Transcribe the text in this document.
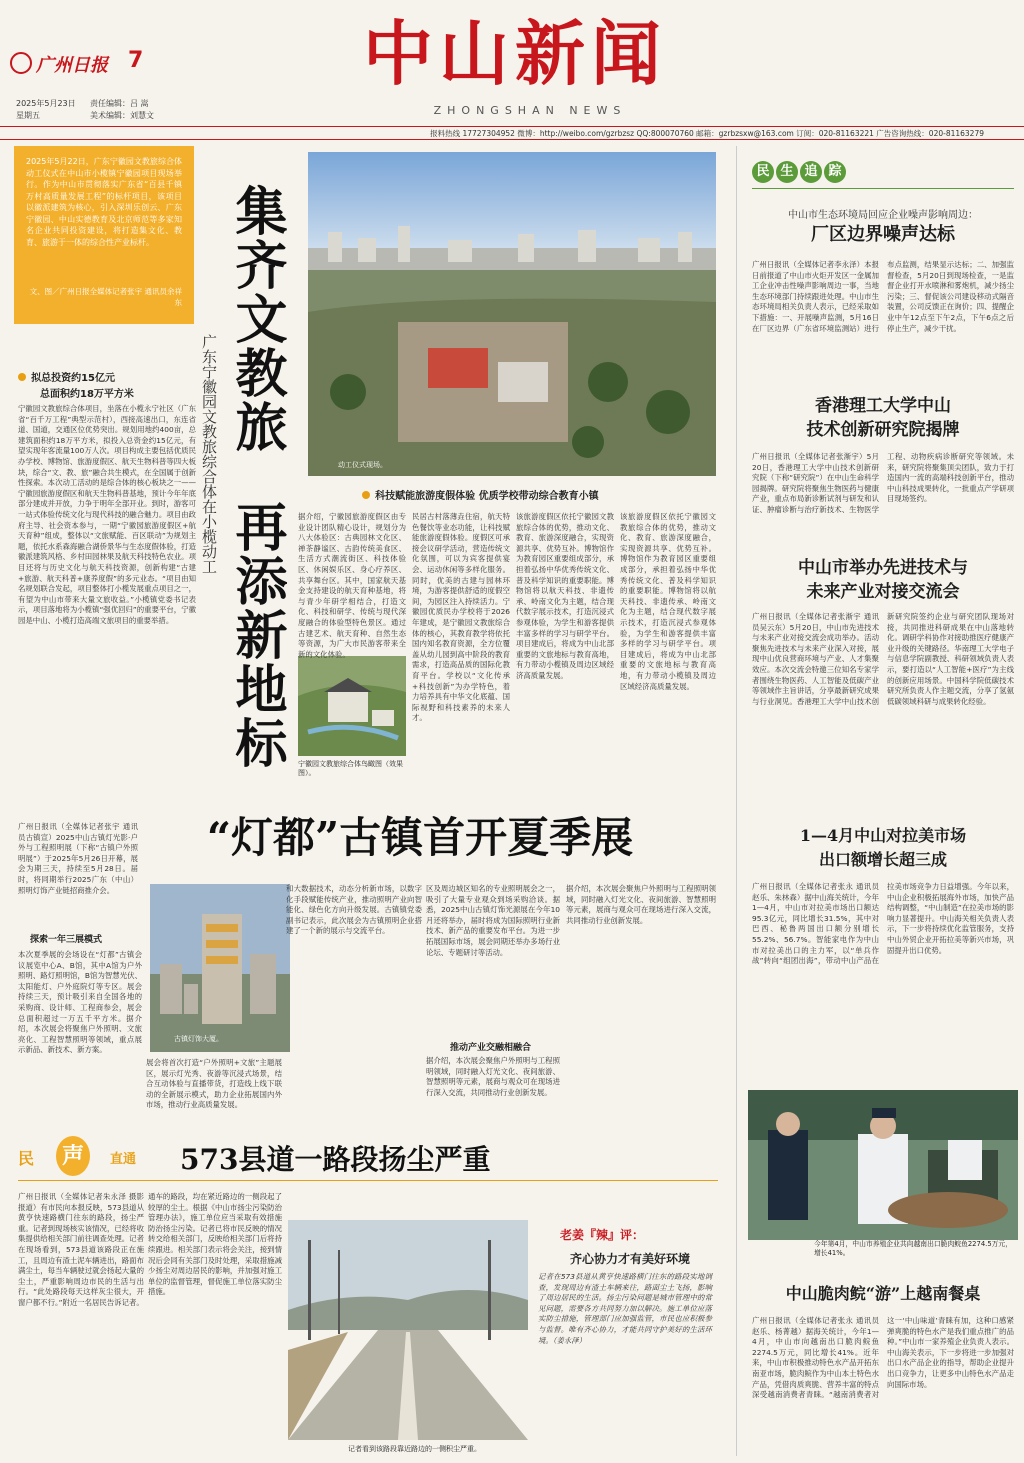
广州日报 7	中山新闻
ZHONGSHAN NEWS
2025年5月23日
星期五
责任编辑：吕 嵩
美术编辑：刘慧文
报料热线 17727304952 微博：http://weibo.com/gzrbzsz QQ:800070760 邮箱：gzrbzsxw@163.com 订阅：020-81163221 广告咨询热线：020-81163279
2025年5月22日，广东宁徽园文教旅综合体动工仪式在中山市小榄镇宁徽园项目现场举行。作为中山市贯彻落实广东省“百县千镇万村高质量发展工程”的标杆项目，该项目以徽派建筑为核心，引入深圳乐创云、广东宁徽园、中山实德教育及北京师范等多家知名企业共同投资建设，将打造集文化、教育、旅游于一体的综合性产业标杆。
文、图／广州日报全媒体记者张宇 通讯员余祥东 集齐文教旅
再添新地标
广东宁徽园文教旅综合体在小榄动工	动工仪式现场。
科技赋能旅游度假体验 优质学校带动综合教育小镇
拟总投资约15亿元
总面积约18万平方米
宁徽园文教旅综合体项目，坐落在小榄永宁社区（广东省“百千万工程”典型示范村），西接高速出口，东连省道、国道，交通区位优势突出。规划用地约400亩，总建筑面积约18万平方米，拟投入总资金约15亿元，有望实现年客流量100万人次。项目构成主要包括优质民办学校、博物馆、旅游度假区、航天生物科普等四大板块，综合“文、教、旅”融合共生模式，在全国属于创新性探索。本次动工活动的是综合体的核心板块之一——宁徽园旅游度假区和航天生物科普基地，预计今年年底部分建成并开放，力争于明年全部开业。到时，游客可一站式体验传统文化与现代科技的融合魅力。项目由政府主导、社会资本参与，一期“宁徽园旅游度假区+航天育种”组成，整体以“文旅赋能、百区联动”为规划主题，依托水系森海融合湖侨景华与生态度假体验，打造徽派建筑风格、乡村田园林果及航天科技特色农业。项目还将与历史文化与航天科技资源，创新构建“古建+旅游、航天科普+康养度假”的多元业态。“项目由知名规划联合发起，项目整体打小榄发展重点项目之一，有望为中山市带来大量文旅收益。”小榄镇党委书记表示，项目落地将为小榄镇“强优回归”的重要平台，宁徽园是中山、小榄打造高端文旅项目的重要举措。
宁徽园文教旅综合体鸟瞰图（效果图）。
据介绍，宁徽园旅游度假区由专业设计团队精心设计，规划分为八大体验区：古典园林文化区、禅茶静谧区、古韵传统美食区、生活方式潮流街区、科技体验区、休闲娱乐区、身心疗养区、共享舞台区。其中，国家航天基金支持建设的航天育种基地，将与青少年研学相结合，打造文化、科技和研学、传统与现代深度融合的体验型特色景区。通过古建艺术、航天育种、自然生态等资源，为广大市民游客带来全新的文化体验。
民居古村落薄垚住宿，航天特色餐饮等业态功能，让科技赋能旅游度假体验。度假区可承接会议研学活动，营造传统文化氛围，可以为宾客提供宴会、运动休闲等多样化服务。同时，优美的古建与园林环境，为游客提供舒适的度假空间，为园区注入持续活力。宁徽园优质民办学校将于2026年建成，是宁徽园文教旅综合体的核心，其教育教学将依托国内知名教育资源，全方位覆盖从幼儿园到高中阶段的教育需求，打造高品质的国际化教育平台。学校以“文化传承+科技创新”为办学特色，着力培养具有中华文化底蕴、国际视野和科技素养的未来人才。
该旅游度假区依托宁徽园文教旅综合体的优势，推动文化、教育、旅游深度融合，实现资源共享、优势互补。博物馆作为教育园区重要组成部分，承担着弘扬中华优秀传统文化、普及科学知识的重要职能。博物馆将以航天科技、非遗传承、岭南文化为主题，结合现代数字展示技术，打造沉浸式参观体验，为学生和游客提供丰富多样的学习与研学平台。项目建成后，将成为中山北部重要的文旅地标与教育高地，有力带动小榄镇及周边区域经济高质量发展。
该旅游度假区依托宁徽园文教旅综合体的优势，推动文化、教育、旅游深度融合，实现资源共享、优势互补。博物馆作为教育园区重要组成部分，承担着弘扬中华优秀传统文化、普及科学知识的重要职能。博物馆将以航天科技、非遗传承、岭南文化为主题，结合现代数字展示技术，打造沉浸式参观体验，为学生和游客提供丰富多样的学习与研学平台。项目建成后，将成为中山北部重要的文旅地标与教育高地，有力带动小榄镇及周边区域经济高质量发展。
“灯都”古镇首开夏季展
广州日报讯（全媒体记者张宇 通讯员古镇宣）2025中山古镇灯光影·户外与工程照明展（下称“古镇户外照明展”）于2025年5月26日开幕，展会为期三天，持续至5月28日。届时，将同期举行2025广东（中山）照明灯饰产业链招商推介会。
古镇灯饰大厦。
探索一年三展模式
本次夏季展的会场设在“灯都”古镇会议展览中心A、B馆，其中A馆为户外照明、路灯照明馆，B馆为智慧光伏、太阳能灯、户外庭院灯等专区。展会持续三天，预计吸引来自全国各地的采购商、设计师、工程商参会，展会总面积超过一万五千平方米。据介绍，本次展会将聚焦户外照明、文旅亮化、工程智慧照明等领域，重点展示新品、新技术、新方案。
展会将首次打造“户外照明+文旅”主题展区，展示灯光秀、夜游等沉浸式场景，结合互动体验与直播带货，打造线上线下联动的全新展示模式，助力企业拓展国内外市场，推动行业高质量发展。
和大数据技术，动态分析新市场，以数字化手段赋能传统产业，推动照明产业向智能化、绿色化方向升级发展。古镇镇党委副书记表示，此次展会为古镇照明企业搭建了一个新的展示与交流平台。
区及周边城区知名的专业照明展会之一，吸引了大量专业观众到场采购洽谈。据悉，2025中山古镇灯饰光源展在今年10月还将举办，届时将成为国际照明行业新技术、新产品的重要发布平台。为进一步拓展国际市场，展会同期还举办多场行业论坛、专题研讨等活动。
推动产业交融相融合
据介绍，本次展会聚焦户外照明与工程照明领域，同时融入灯光文化、夜间旅游、智慧照明等元素，展商与观众可在现场进行深入交流，共同推动行业创新发展。
据介绍，本次展会聚焦户外照明与工程照明领域，同时融入灯光文化、夜间旅游、智慧照明等元素，展商与观众可在现场进行深入交流，共同推动行业创新发展。
民 声	直通 573县道一路段扬尘严重
广州日报讯（全媒体记者朱永泽 摄影报道）有市民向本报反映，573县道从黄亨快速路横门往东的路段，扬尘严重。记者到现场核实该情况，已经将收集提供给相关部门前往调查处理。记者在现场看到，573县道该路段正在施工，且周边有渣土泥车辆进出，路面布满尘土，每当车辆驶过就会扬起大量的尘土，严重影响周边市民的生活与出行。“此处路段每天这样灰尘很大，开窗户都不行。”附近一名居民告诉记者。
通车的路段，均在紧近路边的一侧段起了较厚的尘土。根据《中山市扬尘污染防治管理办法》，施工单位应当采取有效措施防治扬尘污染。记者已将市民反映的情况转交给相关部门，反映给相关部门后将持续跟进。相关部门表示将会关注，接到情况后会同有关部门及时处理，采取措施减少扬尘对周边居民的影响，并加强对施工单位的监督管理，督促施工单位落实防尘措施。
记者看到该路段靠近路边的一侧积尘严重。
老姜『辣』评：
齐心协力才有美好环境
记者在573县道从黄亨快速路横门往东的路段实地调查，发现周边有渣土车辆来往，路面尘土飞扬，影响了周边居民的生活。扬尘污染问题是城市管理中的常见问题，需要各方共同努力加以解决。施工单位应落实防尘措施，管理部门应加强监管，市民也应积极参与监督。唯有齐心协力，才能共同守护美好的生活环境。（姜永泽）
民 生 追 踪
中山市生态环境局回应企业噪声影响周边：
厂区边界噪声达标
广州日报讯（全媒体记者李永泽）本报日前报道了中山市火炬开发区一金属加工企业冲击性噪声影响周边一事，当地生态环境部门持续跟进处理。中山市生态环境局相关负责人表示，已经采取如下措施：一、开展噪声监测，5月16日在厂区边界（广东省环境监测站）进行布点监测，结果显示达标；二、加强监督检查，5月20日到现场检查，一是监督企业打开水喷淋和雾炮机，减少扬尘污染；三、督促该公司建设移动式隔音装置，公司反馈正在询价；四、提醒企业中午12点至下午2点，下午6点之后停止生产，减少干扰。
香港理工大学中山
技术创新研究院揭牌
广州日报讯（全媒体记者张渐宇）5月20日，香港理工大学中山技术创新研究院（下称“研究院”）在中山生命科学园揭牌。研究院将聚焦生物医药与健康产业，重点布局新诊断试剂与研发和认证、肿瘤诊断与治疗新技术、生物医学工程、动物疾病诊断研究等领域。未来，研究院将聚集顶尖团队，致力于打造国内一流的高端科技创新平台，推动中山科技成果转化，一批重点产学研项目现场签约。
中山市举办先进技术与
未来产业对接交流会
广州日报讯（全媒体记者张渐宇 通讯员吴云东）5月20日，中山市先进技术与未来产业对接交流会成功举办。活动聚焦先进技术与未来产业深入对接，展现中山优良营商环境与产业、人才集聚效应。本次交流会特邀三位知名专家学者围绕生物医药、人工智能及低碳产业等领域作主旨讲话，分享最新研究成果与行业洞见。香港理工大学中山技术创新研究院签约企业与研究团队现场对接，共同推进科研成果在中山落地转化。调研学科协作对接助推医疗健康产业升级的关键路径。华南理工大学电子与信息学院副教授、科研领域负责人表示，要打造以“人工智能+医疗”为主线的创新应用场景。中国科学院低碳技术研究所负责人作主题交流，分享了氢氨低碳领域科研与成果转化经验。
1—4月中山对拉美市场
出口额增长超三成
广州日报讯（全媒体记者张永 通讯员赵乐、朱林森）据中山海关统计，今年1—4月，中山市对拉美市场出口额达95.3亿元，同比增长31.5%，其中对巴西、秘鲁两国出口额分别增长55.2%、56.7%。智能家电作为中山市对拉美出口的主力军，以“单兵作战”转向“组团出海”，带动中山产品在拉美市场竞争力日益增强。今年以来，中山企业积极拓展海外市场，加快产品结构调整，“中山制造”在拉美市场的影响力显著提升。中山海关相关负责人表示，下一步将持续优化监管服务，支持中山外贸企业开拓拉美等新兴市场，巩固提升出口优势。
今年第4月，中山市养殖企业共向越南出口脆肉鲩鱼2274.5万元，增长41%。
中山脆肉鲩“游”上越南餐桌
广州日报讯（全媒体记者张永 通讯员赵乐、杨菁越）据海关统计，今年1—4月，中山市向越南出口脆肉鲩鱼2274.5万元，同比增长41%。近年来，中山市积极推动特色水产品开拓东南亚市场，脆肉鲩作为中山本土特色水产品，凭借肉质爽脆、营养丰富的特点深受越南消费者青睐。“越南消费者对这一‘中山味道’青睐有加，这种口感紧弹爽脆的特色水产是我们重点推广的品种。”中山市一家养殖企业负责人表示。中山海关表示，下一步将进一步加强对出口水产品企业的指导，帮助企业提升出口竞争力，让更多中山特色水产品走向国际市场。
